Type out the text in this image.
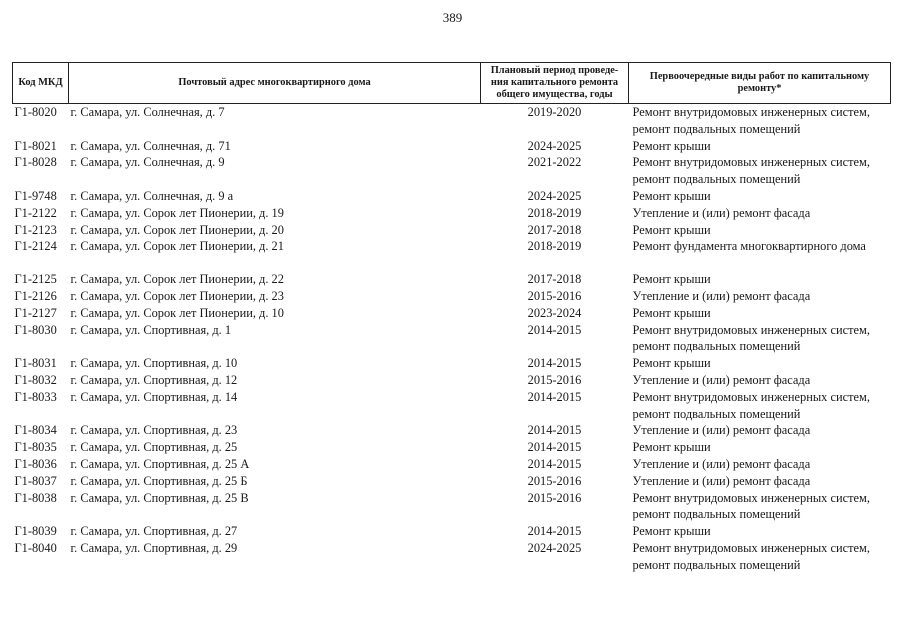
389
Код МКД	Почтовый адрес многоквартирного дома	Плановый период проведе-ния капитального ремонта общего имущества, годы	Первоочередные виды работ по капитальному ремонту*
Г1-8020	г. Самара, ул. Солнечная, д. 7	2019-2020	Ремонт внутридомовых инженерных систем, ремонт подвальных помещений
Г1-8021	г. Самара, ул. Солнечная, д. 71	2024-2025	Ремонт крыши
Г1-8028	г. Самара, ул. Солнечная, д. 9	2021-2022	Ремонт внутридомовых инженерных систем, ремонт подвальных помещений
Г1-9748	г. Самара, ул. Солнечная, д. 9 а	2024-2025	Ремонт крыши
Г1-2122	г. Самара, ул. Сорок лет Пионерии, д. 19	2018-2019	Утепление и (или) ремонт фасада
Г1-2123	г. Самара, ул. Сорок лет Пионерии, д. 20	2017-2018	Ремонт крыши
Г1-2124	г. Самара, ул. Сорок лет Пионерии, д. 21	2018-2019	Ремонт фундамента многоквартирного дома

Г1-2125	г. Самара, ул. Сорок лет Пионерии, д. 22	2017-2018	Ремонт крыши
Г1-2126	г. Самара, ул. Сорок лет Пионерии, д. 23	2015-2016	Утепление и (или) ремонт фасада
Г1-2127	г. Самара, ул. Сорок лет Пионерии, д. 10	2023-2024	Ремонт крыши
Г1-8030	г. Самара, ул. Спортивная, д. 1	2014-2015	Ремонт внутридомовых инженерных систем, ремонт подвальных помещений
Г1-8031	г. Самара, ул. Спортивная, д. 10	2014-2015	Ремонт крыши
Г1-8032	г. Самара, ул. Спортивная, д. 12	2015-2016	Утепление и (или) ремонт фасада
Г1-8033	г. Самара, ул. Спортивная, д. 14	2014-2015	Ремонт внутридомовых инженерных систем, ремонт подвальных помещений
Г1-8034	г. Самара, ул. Спортивная, д. 23	2014-2015	Утепление и (или) ремонт фасада
Г1-8035	г. Самара, ул. Спортивная, д. 25	2014-2015	Ремонт крыши
Г1-8036	г. Самара, ул. Спортивная, д. 25 А	2014-2015	Утепление и (или) ремонт фасада
Г1-8037	г. Самара, ул. Спортивная, д. 25 Б	2015-2016	Утепление и (или) ремонт фасада
Г1-8038	г. Самара, ул. Спортивная, д. 25 В	2015-2016	Ремонт внутридомовых инженерных систем, ремонт подвальных помещений
Г1-8039	г. Самара, ул. Спортивная, д. 27	2014-2015	Ремонт крыши
Г1-8040	г. Самара, ул. Спортивная, д. 29	2024-2025	Ремонт внутридомовых инженерных систем, ремонт подвальных помещений
